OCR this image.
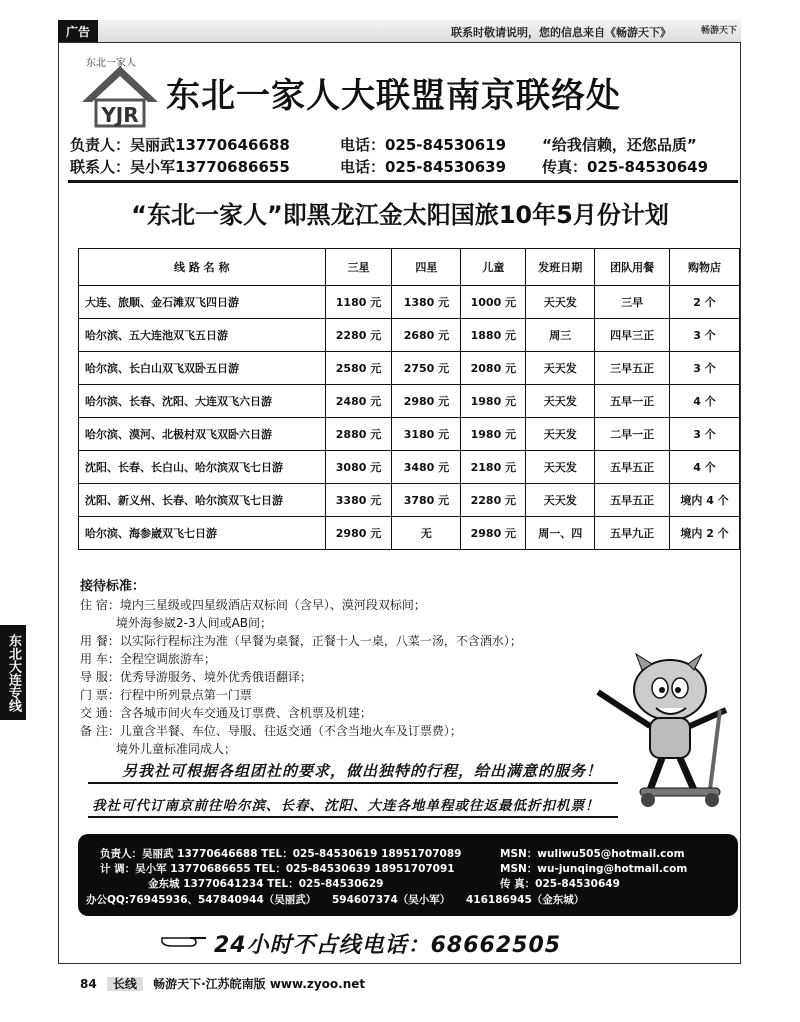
广告	联系时敬请说明，您的信息来自《畅游天下》	畅游天下
东北大连专线
东北一家人
YJR 东北一家人大联盟南京联络处
负责人：吴丽武13770646688	电话：025-84530619 “给我信赖，还您品质”
联系人：吴小军13770686655	电话：025-84530639 传真：025-84530649
“东北一家人”即黑龙江金太阳国旅10年5月份计划
线 路 名 称	三星	四星	儿童	发班日期	团队用餐	购物店
大连、旅顺、金石滩双飞四日游	1180 元	1380 元	1000 元	天天发	三早	2 个
哈尔滨、五大连池双飞五日游	2280 元	2680 元	1880 元	周三	四早三正	3 个
哈尔滨、长白山双飞双卧五日游	2580 元	2750 元	2080 元	天天发	三早五正	3 个
哈尔滨、长春、沈阳、大连双飞六日游	2480 元	2980 元	1980 元	天天发	五早一正	4 个
哈尔滨、漠河、北极村双飞双卧六日游	2880 元	3180 元	1980 元	天天发	二早一正	3 个
沈阳、长春、长白山、哈尔滨双飞七日游	3080 元	3480 元	2180 元	天天发	五早五正	4 个
沈阳、新义州、长春、哈尔滨双飞七日游	3380 元	3780 元	2280 元	天天发	五早五正	境内 4 个
哈尔滨、海参崴双飞七日游	2980 元	无	2980 元	周一、四	五早九正	境内 2 个
接待标准：
住 宿：境内三星级或四星级酒店双标间（含早）、漠河段双标间；
　　　境外海参崴2-3人间或AB间；
用 餐：以实际行程标注为准（早餐为桌餐，正餐十人一桌，八菜一汤，不含酒水）；
用 车：全程空调旅游车；
导 服：优秀导游服务、境外优秀俄语翻译；
门 票：行程中所列景点第一门票
交 通：含各城市间火车交通及订票费、含机票及机建；
备 注：儿童含半餐、车位、导服、往返交通（不含当地火车及订票费）；
　　　境外儿童标准同成人；
另我社可根据各组团社的要求，做出独特的行程，给出满意的服务！
我社可代订南京前往哈尔滨、长春、沈阳、大连各地单程或往返最低折扣机票！
负责人：吴丽武 13770646688 TEL：025-84530619 18951707089	MSN：wuliwu505@hotmail.com
计 调：吴小军 13770686655 TEL：025-84530639 18951707091	MSN：wu-junqing@hotmail.com
金东城 13770641234 TEL：025-84530629	传 真：025-84530649
办公QQ:76945936、547840944（吴丽武）　　594607374（吴小军）　　416186945（金东城）
24小时不占线电话：68662505
84 长线 畅游天下·江苏皖南版 www.zyoo.net
